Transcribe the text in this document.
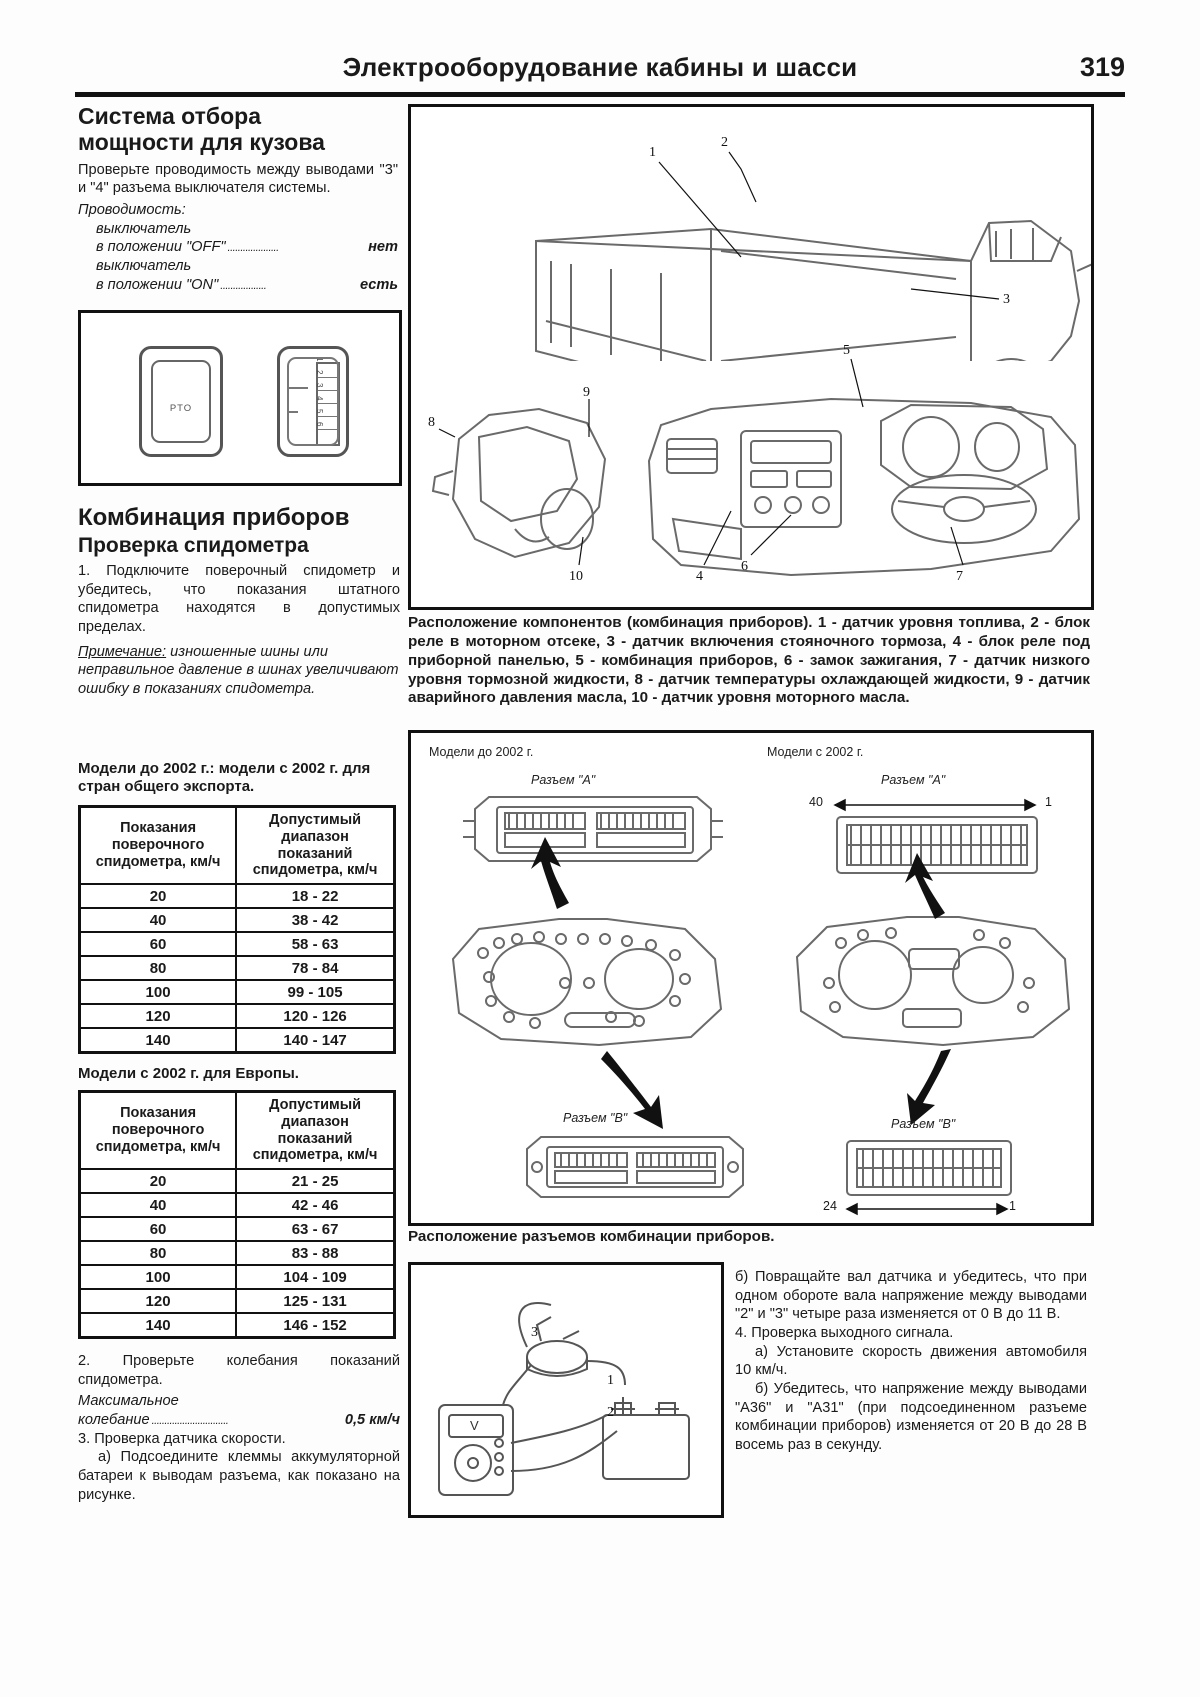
Электрооборудование кабины и шасси	319
Система отбора
мощности для кузова
Проверьте проводимость между выводами "3" и "4" разъема выключателя системы.
Проводимость:
выключатель
в положении "OFF" ....................	нет
выключатель
в положении "ON" ..................	есть
PTO
1
2
3
4
5
6
Комбинация приборов
Проверка спидометра
1. Подключите поверочный спидометр и убедитесь, что показания штатного спидометра находятся в допустимых пределах.
Примечание: изношенные шины или неправильное давление в шинах увеличивают ошибку в показаниях спидометра.
Модели до 2002 г.: модели с 2002 г. для стран общего экспорта.
Показания
поверочного
спидометра, км/ч

Допустимый
диапазон
показаний
спидометра, км/ч

20	18 - 22
40	38 - 42
60	58 - 63
80	78 - 84
100	99 - 105
120	120 - 126
140	140 - 147
Модели с 2002 г. для Европы.
Показания
поверочного
спидометра, км/ч

Допустимый
диапазон
показаний
спидометра, км/ч

20	21 - 25
40	42 - 46
60	63 - 67
80	83 - 88
100	104 - 109
120	125 - 131
140	146 - 152
2. Проверьте колебания показаний спидометра.
Максимальное
колебание ..............................	0,5 км/ч
3. Проверка датчика скорости.
а) Подсоедините клеммы аккумуляторной батареи к выводам разъема, как показано на рисунке.
1
2
3
8
9
10	4
5
6
7
Расположение компонентов (комбинация приборов). 1 - датчик уровня топлива, 2 - блок реле в моторном отсеке, 3 - датчик включения стояночного тормоза, 4 - блок реле под приборной панелью, 5 - комбинация приборов, 6 - замок зажигания, 7 - датчик низкого уровня тормозной жидкости, 8 - датчик температуры охлаждающей жидкости, 9 - датчик аварийного давления масла, 10 - датчик уровня моторного масла.
Модели до 2002 г.	Модели с 2002 г.
Разъем "A"	Разъем "A"
40	1
Разъем "B"	Разъем "B"
24	1
Расположение разъемов комбинации приборов.
V
3
1
2
б) Повращайте вал датчика и убедитесь, что при одном обороте вала напряжение между выводами "2" и "3" четыре раза изменяется от 0 В до 11 В.
4. Проверка выходного сигнала.
а) Установите скорость движения автомобиля 10 км/ч.
б) Убедитесь, что напряжение между выводами "А36" и "А31" (при подсоединенном разъеме комбинации приборов) изменяется от 20 В до 28 В восемь раз в секунду.
